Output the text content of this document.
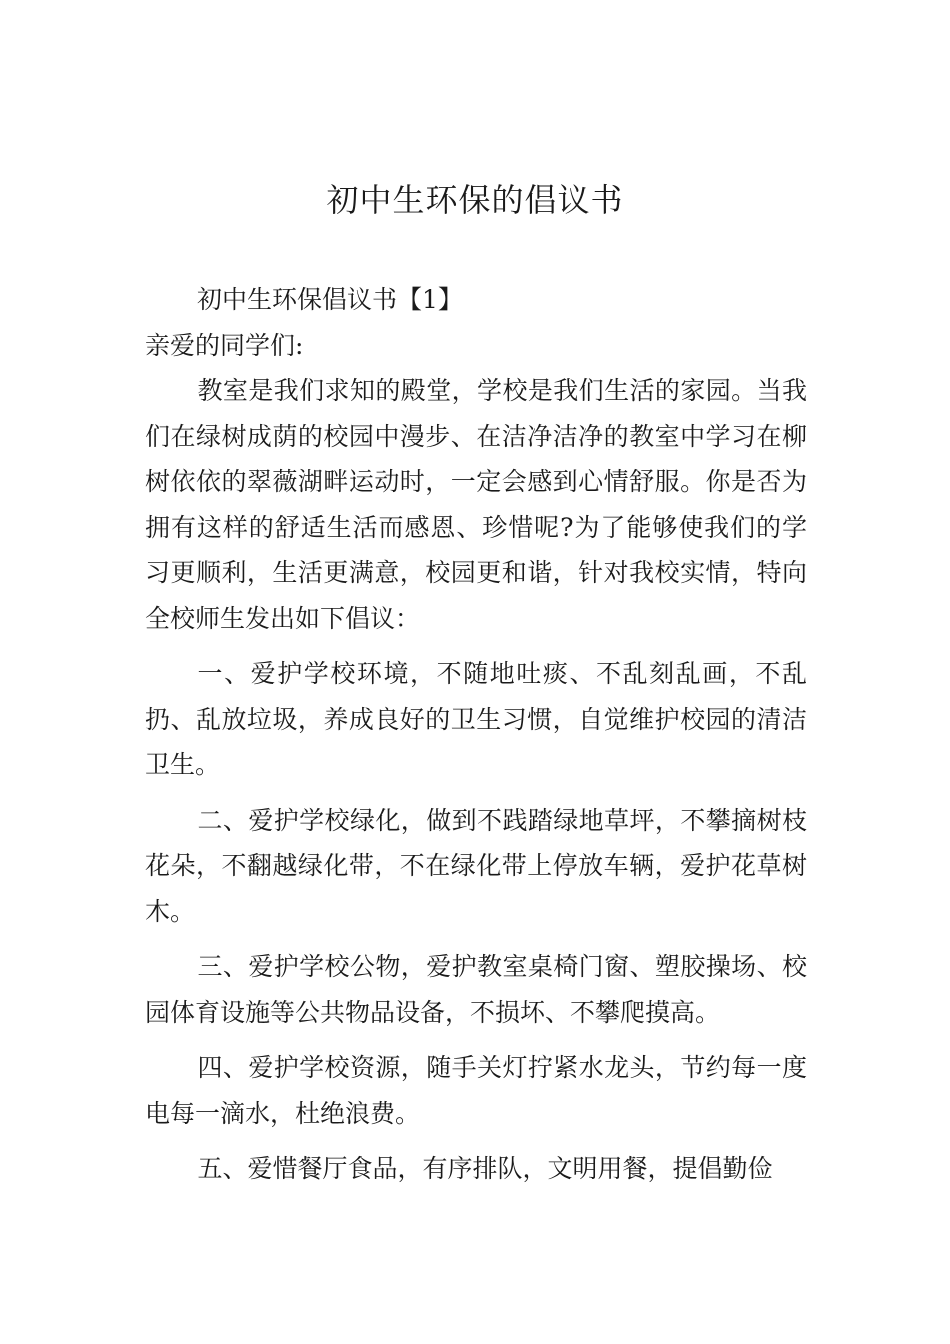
初中生环保的倡议书

初中生环保倡议书【1】

亲爱的同学们:

教室是我们求知的殿堂，学校是我们生活的家园。当我们在绿树成荫的校园中漫步、在洁净洁净的教室中学习在柳树依依的翠薇湖畔运动时，一定会感到心情舒服。你是否为拥有这样的舒适生活而感恩、珍惜呢?为了能够使我们的学习更顺利，生活更满意，校园更和谐，针对我校实情，特向全校师生发出如下倡议：

一、爱护学校环境，不随地吐痰、不乱刻乱画，不乱扔、乱放垃圾，养成良好的卫生习惯，自觉维护校园的清洁卫生。

二、爱护学校绿化，做到不践踏绿地草坪，不攀摘树枝花朵，不翻越绿化带，不在绿化带上停放车辆，爱护花草树木。

三、爱护学校公物，爱护教室桌椅门窗、塑胶操场、校园体育设施等公共物品设备，不损坏、不攀爬摸高。

四、爱护学校资源，随手关灯拧紧水龙头，节约每一度电每一滴水，杜绝浪费。

五、爱惜餐厅食品，有序排队，文明用餐，提倡勤俭
